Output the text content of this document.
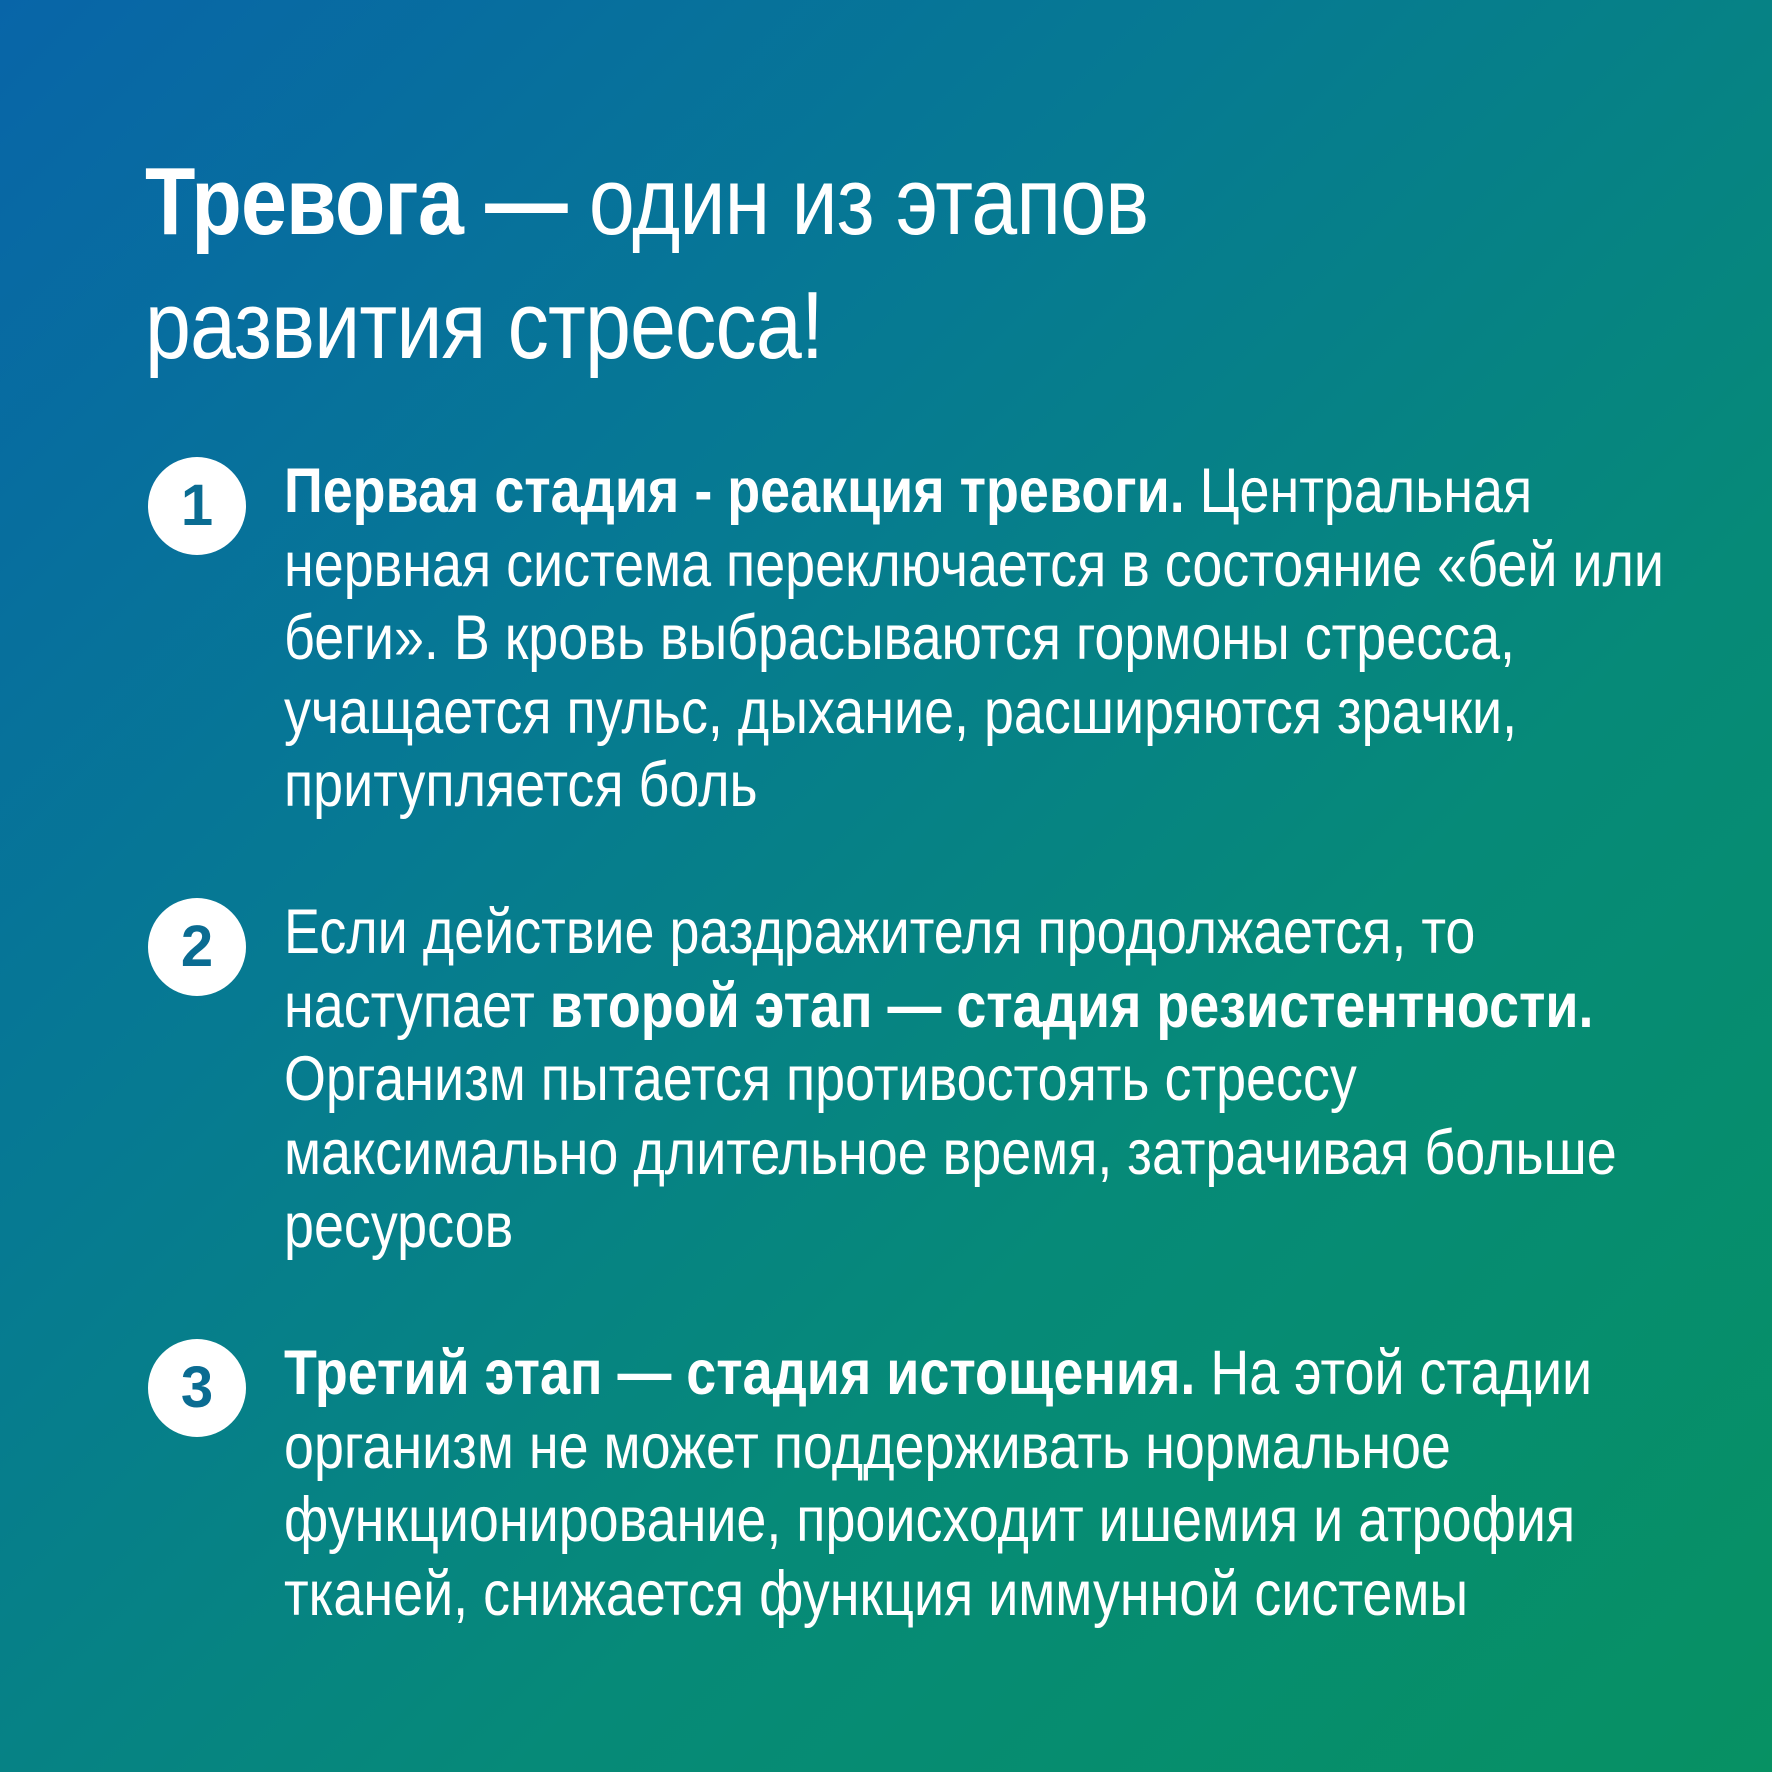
Тревога — один из этапов развития стресса!
1	Первая стадия - реакция тревоги. Центральная нервная система переключается в состояние «бей или беги». В кровь выбрасываются гормоны стресса, учащается пульс, дыхание, расширяются зрачки, притупляется боль

2	Если действие раздражителя продолжается, то наступает второй этап — стадия резистентности. Организм пытается противостоять стрессу максимально длительное время, затрачивая больше ресурсов

3	Третий этап — стадия истощения. На этой стадии организм не может поддерживать нормальное функционирование, происходит ишемия и атрофия тканей, снижается функция иммунной системы
